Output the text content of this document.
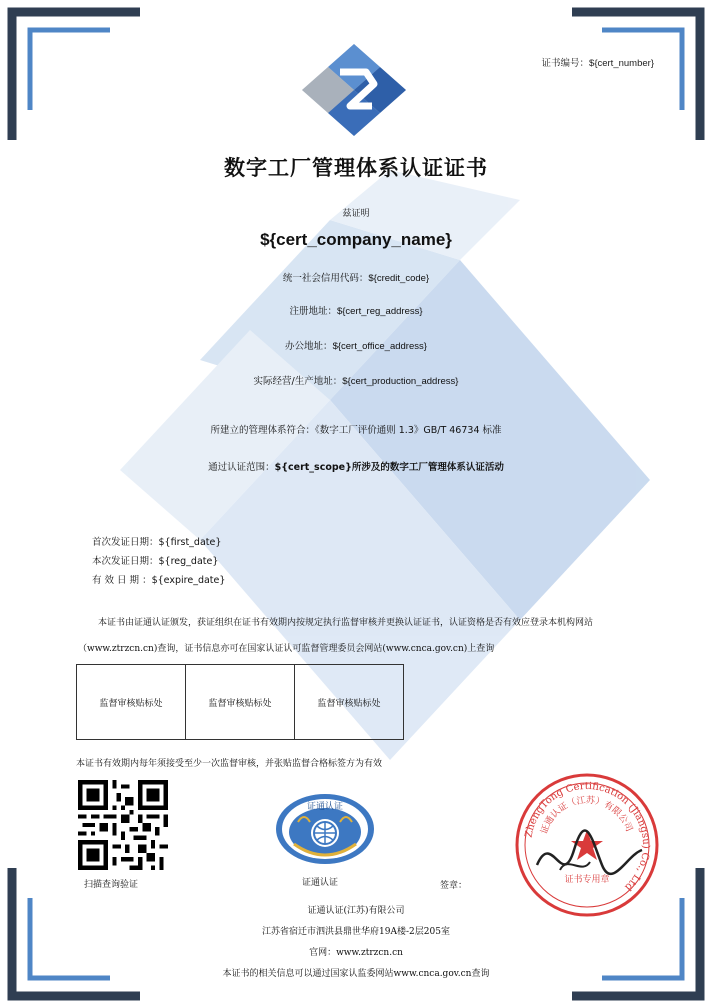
证书编号：${cert_number}
数字工厂管理体系认证证书
兹证明
${cert_company_name}
统一社会信用代码：${credit_code}
注册地址：${cert_reg_address}
办公地址：${cert_office_address}
实际经营/生产地址：${cert_production_address}
所建立的管理体系符合：《数字工厂评价通则 1.3》GB/T 46734 标准
通过认证范围：${cert_scope}所涉及的数字工厂管理体系认证活动
首次发证日期：${first_date}
本次发证日期：${reg_date}
有 效 日 期 ：${expire_date}
本证书由证通认证颁发，获证组织在证书有效期内按规定执行监督审核并更换认证证书，认证资格是否有效应登录本机构网站（www.ztrzcn.cn)查询，证书信息亦可在国家认证认可监督管理委员会网站(www.cnca.gov.cn)上查询
监督审核贴标处	监督审核贴标处	监督审核贴标处
本证书有效期内每年须接受至少一次监督审核，并张贴监督合格标签方为有效
扫描查询验证
证通认证
证通认证	签章：
ZhengTong Certification (Jiangsu) Co., Ltd
证通认证（江苏）有限公司
证书专用章
证通认证(江苏)有限公司
江苏省宿迁市泗洪县鼎世华府19A楼-2层205室
官网：www.ztrzcn.cn
本证书的相关信息可以通过国家认监委网站www.cnca.gov.cn查询
